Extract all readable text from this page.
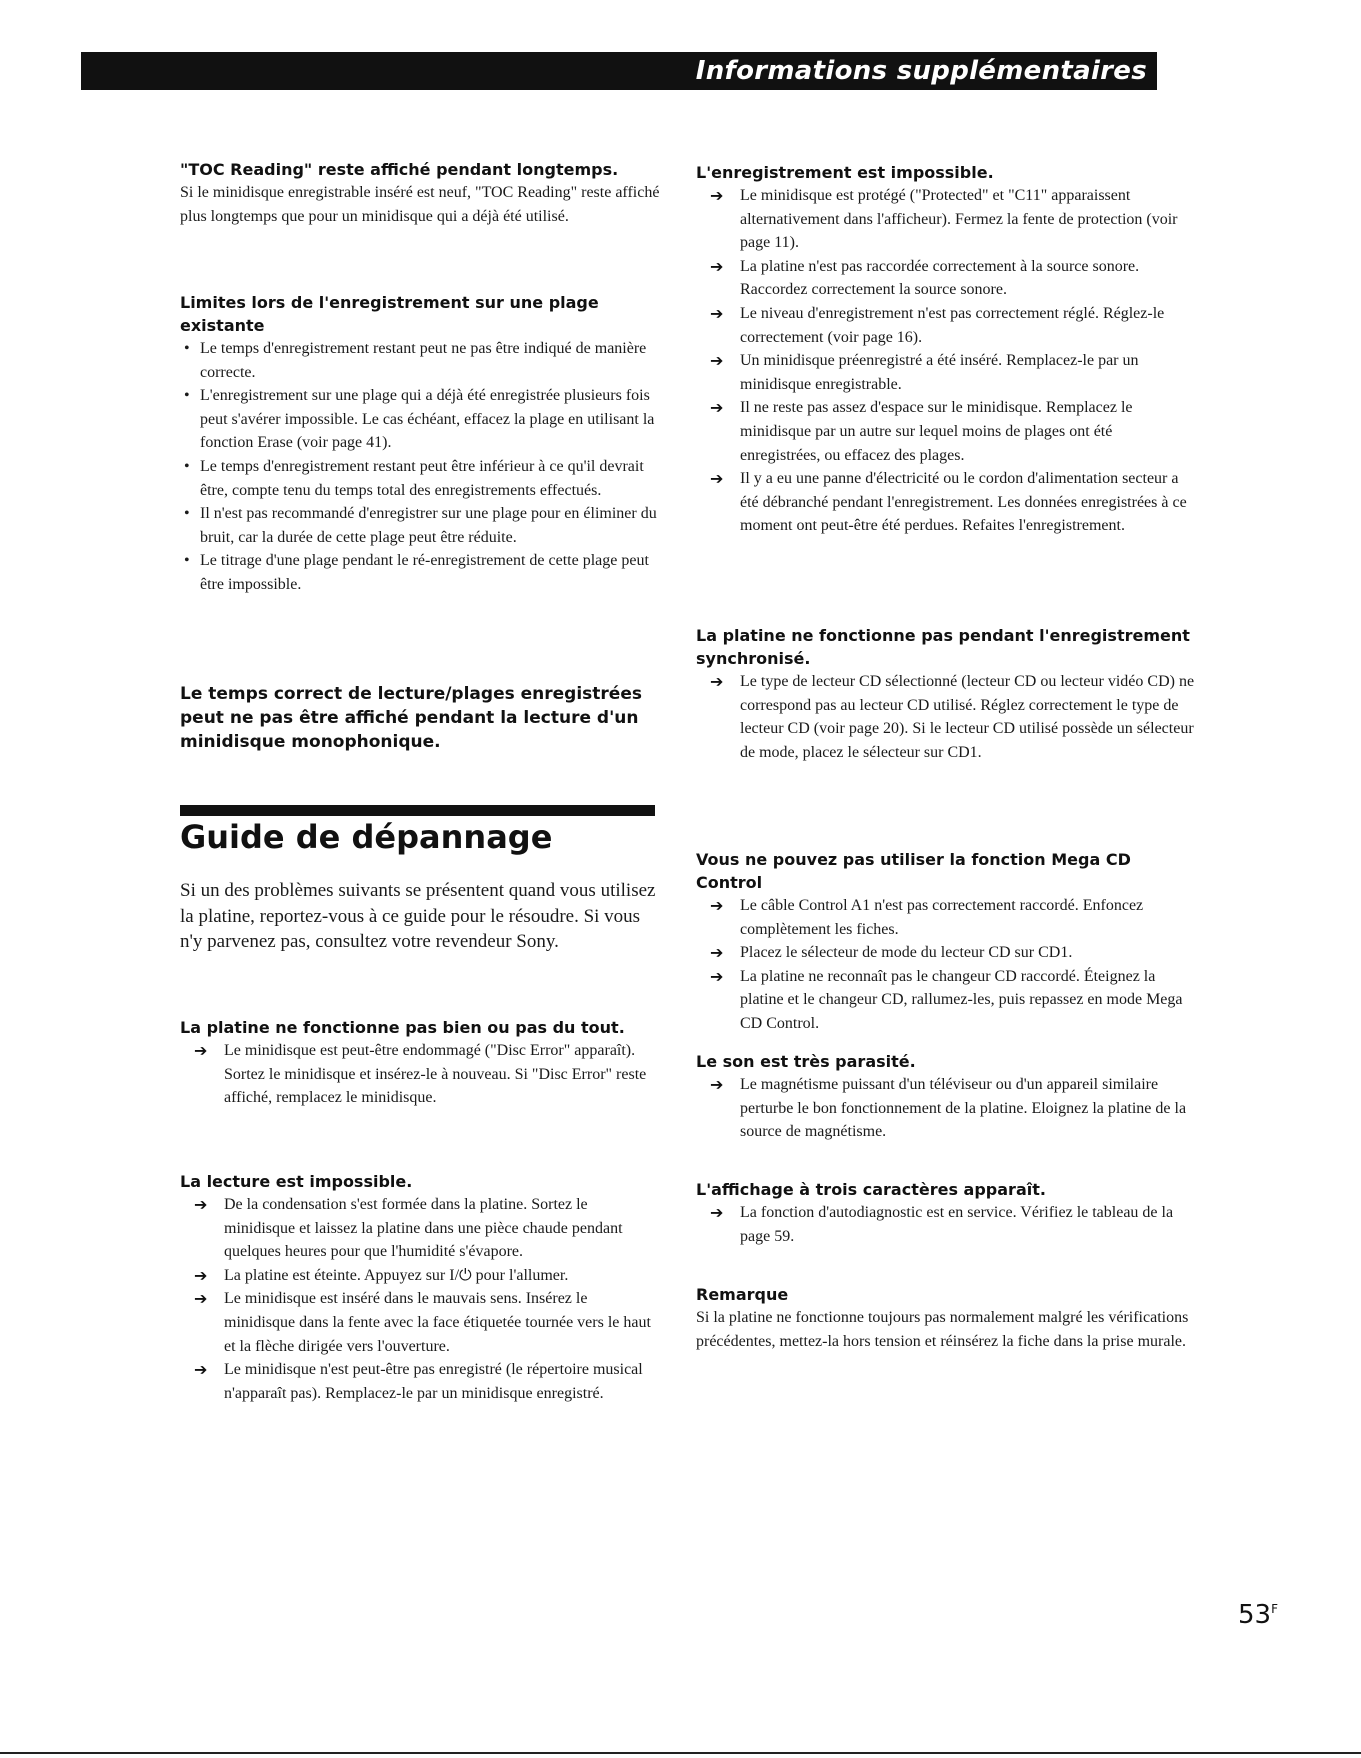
Informations supplémentaires
"TOC Reading" reste affiché pendant longtemps.

Si le minidisque enregistrable inséré est neuf, "TOC Reading" reste affiché plus longtemps que pour un minidisque qui a déjà été utilisé.

Limites lors de l'enregistrement sur une plage existante
• Le temps d'enregistrement restant peut ne pas être indiqué de manière correcte.
• L'enregistrement sur une plage qui a déjà été enregistrée plusieurs fois peut s'avérer impossible. Le cas échéant, effacez la plage en utilisant la fonction Erase (voir page 41).
• Le temps d'enregistrement restant peut être inférieur à ce qu'il devrait être, compte tenu du temps total des enregistrements effectués.
• Il n'est pas recommandé d'enregistrer sur une plage pour en éliminer du bruit, car la durée de cette plage peut être réduite.
• Le titrage d'une plage pendant le ré-enregistrement de cette plage peut être impossible.
Le temps correct de lecture/plages enregistrées peut ne pas être affiché pendant la lecture d'un minidisque monophonique.
La platine ne fonctionne pas bien ou pas du tout.
➔ Le minidisque est peut-être endommagé ("Disc Error" apparaît). Sortez le minidisque et insérez-le à nouveau. Si "Disc Error" reste affiché, remplacez le minidisque.
La lecture est impossible.
➔ De la condensation s'est formée dans la platine. Sortez le minidisque et laissez la platine dans une pièce chaude pendant quelques heures pour que l'humidité s'évapore.
➔ La platine est éteinte. Appuyez sur I/⏻ pour l'allumer.
➔ Le minidisque est inséré dans le mauvais sens. Insérez le minidisque dans la fente avec la face étiquetée tournée vers le haut et la flèche dirigée vers l'ouverture.
➔ Le minidisque n'est peut-être pas enregistré (le répertoire musical n'apparaît pas). Remplacez-le par un minidisque enregistré.
Guide de dépannage

Si un des problèmes suivants se présentent quand vous utilisez la platine, reportez-vous à ce guide pour le résoudre. Si vous n'y parvenez pas, consultez votre revendeur Sony.

L'enregistrement est impossible.
➔ Le minidisque est protégé ("Protected" et "C11" apparaissent alternativement dans l'afficheur). Fermez la fente de protection (voir page 11).
➔ La platine n'est pas raccordée correctement à la source sonore. Raccordez correctement la source sonore.
➔ Le niveau d'enregistrement n'est pas correctement réglé. Réglez-le correctement (voir page 16).
➔ Un minidisque préenregistré a été inséré. Remplacez-le par un minidisque enregistrable.
➔ Il ne reste pas assez d'espace sur le minidisque. Remplacez le minidisque par un autre sur lequel moins de plages ont été enregistrées, ou effacez des plages.
➔ Il y a eu une panne d'électricité ou le cordon d'alimentation secteur a été débranché pendant l'enregistrement. Les données enregistrées à ce moment ont peut-être été perdues. Refaites l'enregistrement.
La platine ne fonctionne pas pendant l'enregistrement synchronisé.
➔ Le type de lecteur CD sélectionné (lecteur CD ou lecteur vidéo CD) ne correspond pas au lecteur CD utilisé. Réglez correctement le type de lecteur CD (voir page 20). Si le lecteur CD utilisé possède un sélecteur de mode, placez le sélecteur sur CD1.
Vous ne pouvez pas utiliser la fonction Mega CD Control
➔ Le câble Control A1 n'est pas correctement raccordé. Enfoncez complètement les fiches.
➔ Placez le sélecteur de mode du lecteur CD sur CD1.
➔ La platine ne reconnaît pas le changeur CD raccordé. Éteignez la platine et le changeur CD, rallumez-les, puis repassez en mode Mega CD Control.
Le son est très parasité.
➔ Le magnétisme puissant d'un téléviseur ou d'un appareil similaire perturbe le bon fonctionnement de la platine. Eloignez la platine de la source de magnétisme.
L'affichage à trois caractères apparaît.
➔ La fonction d'autodiagnostic est en service. Vérifiez le tableau de la page 59.
Remarque

Si la platine ne fonctionne toujours pas normalement malgré les vérifications précédentes, mettez-la hors tension et réinsérez la fiche dans la prise murale.

$53^F$
